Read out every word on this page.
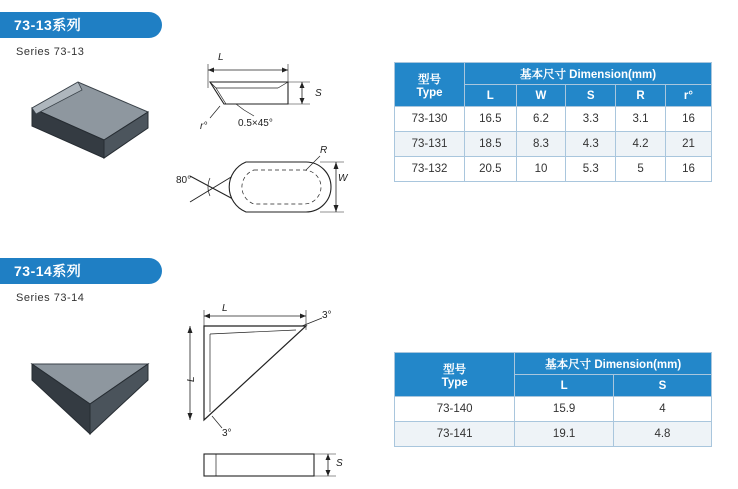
73-13系列
Series 73-13	L
S
r°	0.5×45°
80°
R
W
型号
Type	基本尺寸 Dimension(mm)				
	L	W	S	R	r°
73-130	16.5	6.2	3.3	3.1	16
73-131	18.5	8.3	4.3	4.2	21
73-132	20.5	10	5.3	5	16
73-14系列
Series 73-14
L
L
3°
3°
S
型号
Type	基本尺寸 Dimension(mm)	
	L	S
73-140	15.9	4
73-141	19.1	4.8
